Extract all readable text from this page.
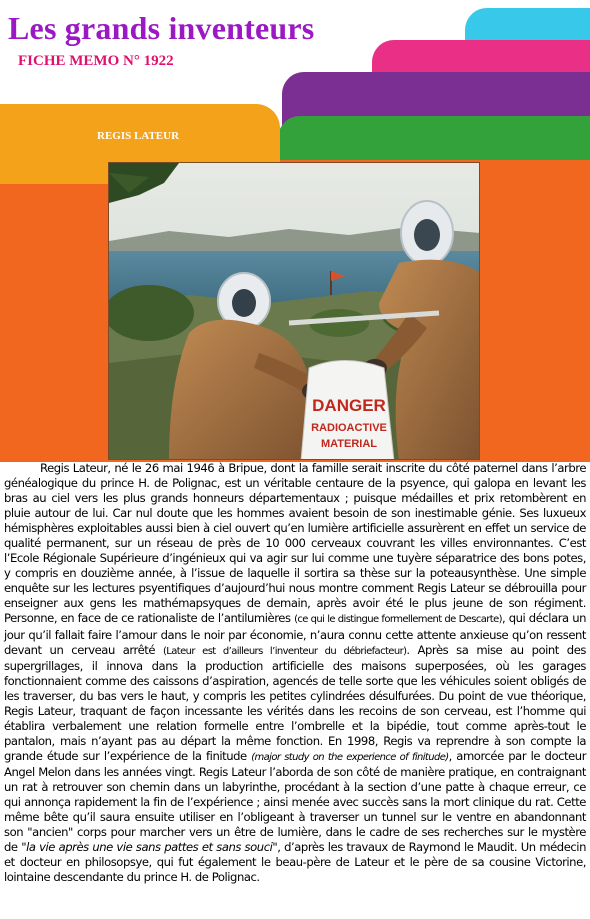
Les grands inventeurs
FICHE MEMO N° 1922
REGIS LATEUR
DANGER
RADIOACTIVE
MATERIAL
Regis Lateur, né le 26 mai 1946 à Bripue, dont la famille serait inscrite du côté paternel dans l’arbre généalogique du prince H. de Polignac, est un véritable centaure de la psyence, qui galopa en levant les bras au ciel vers les plus grands honneurs départementaux ; puisque médailles et prix retombèrent en pluie autour de lui. Car nul doute que les hommes avaient besoin de son inestimable génie. Ses luxueux hémisphères exploitables aussi bien à ciel ouvert qu’en lumière artificielle assurèrent en effet un service de qualité permanent, sur un réseau de près de 10 000 cerveaux couvrant les villes environnantes. C’est l’Ecole Régionale Supérieure d’ingénieux qui va agir sur lui comme une tuyère séparatrice des bons potes, y compris en douzième année, à l’issue de laquelle il sortira sa thèse sur la poteausynthèse. Une simple enquête sur les lectures psyentifiques d’aujourd’hui nous montre comment Regis Lateur se débrouilla pour enseigner aux gens les mathémapsyques de demain, après avoir été le plus jeune de son régiment. Personne, en face de ce rationaliste de l’antilumières (ce qui le distingue formellement de Descarte), qui déclara un jour qu’il fallait faire l’amour dans le noir par économie, n’aura connu cette attente anxieuse qu’on ressent devant un cerveau arrêté (Lateur est d’ailleurs l’inventeur du débriefacteur). Après sa mise au point des supergrillages, il innova dans la production artificielle des maisons superposées, où les garages fonctionnaient comme des caissons d’aspiration, agencés de telle sorte que les véhicules soient obligés de les traverser, du bas vers le haut, y compris les petites cylindrées désulfurées. Du point de vue théorique, Regis Lateur, traquant de façon incessante les vérités dans les recoins de son cerveau, est l’homme qui établira verbalement une relation formelle entre l’ombrelle et la bipédie, tout comme après-tout le pantalon, mais n’ayant pas au départ la même fonction. En 1998, Regis va reprendre à son compte la grande étude sur l’expérience de la finitude (major study on the experience of finitude), amorcée par le docteur Angel Melon dans les années vingt. Regis Lateur l’aborda de son côté de manière pratique, en contraignant un rat à retrouver son chemin dans un labyrinthe, procédant à la section d’une patte à chaque erreur, ce qui annonça rapidement la fin de l’expérience ; ainsi menée avec succès sans la mort clinique du rat. Cette même bête qu’il saura ensuite utiliser en l’obligeant à traverser un tunnel sur le ventre en abandonnant son "ancien" corps pour marcher vers un être de lumière, dans le cadre de ses recherches sur le mystère de "la vie après une vie sans pattes et sans souci", d’après les travaux de Raymond le Maudit. Un médecin et docteur en philosopsye, qui fut également le beau-père de Lateur et le père de sa cousine Victorine, lointaine descendante du prince H. de Polignac.
